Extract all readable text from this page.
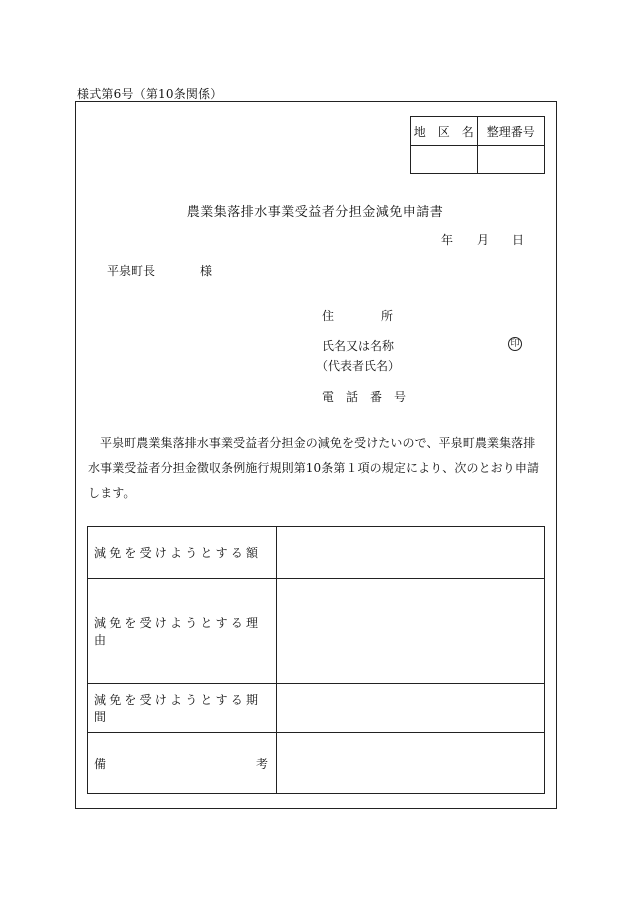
様式第6号（第10条関係）
地　区　名	整理番号

農業集落排水事業受益者分担金減免申請書
年 月 日
平泉町長	様
住	所
氏名又は名称
（代表者氏名）
印
電　話　番　号
平泉町農業集落排水事業受益者分担金の減免を受けたいので、平泉町農業集落排水事業受益者分担金徴収条例施行規則第10条第１項の規定により、次のとおり申請します。
減免を受けようとする額	
減免を受けようとする理由	
減免を受けようとする期間	

備 考	
